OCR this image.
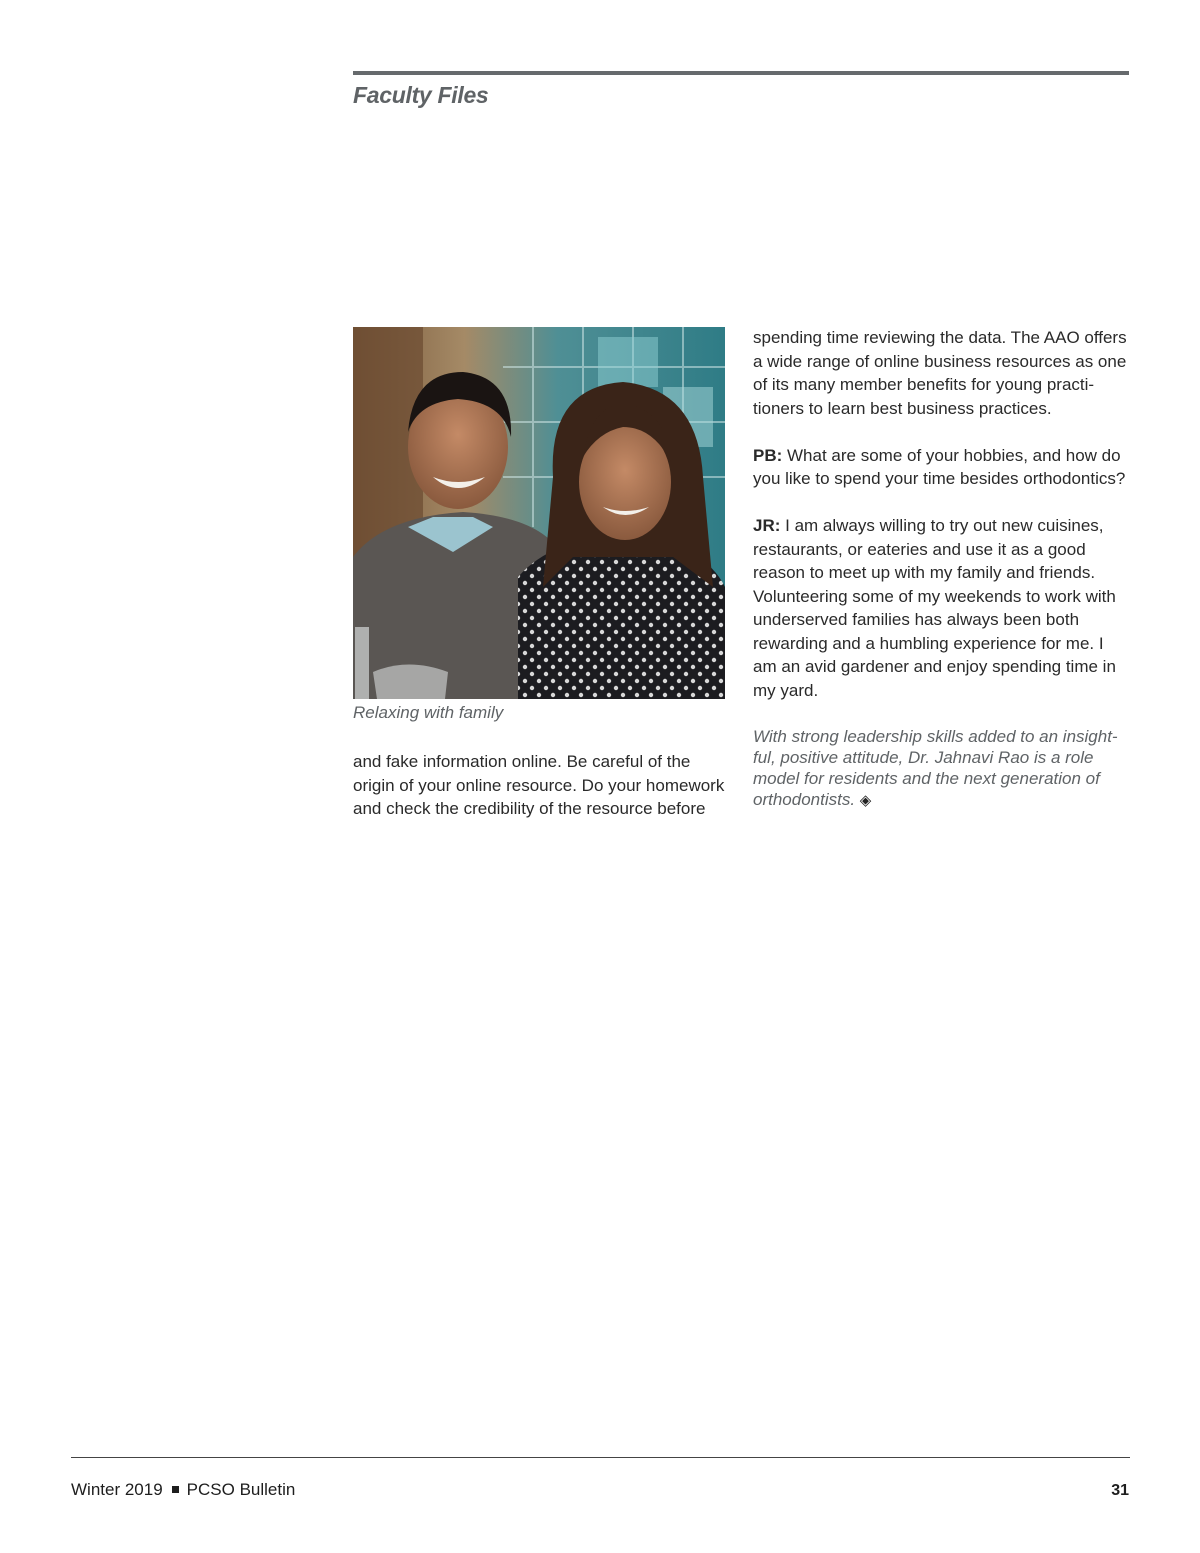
Faculty Files
Relaxing with family

and fake information online. Be careful of the origin of your online resource. Do your homework and check the credibility of the resource before

spending time reviewing the data. The AAO offers a wide range of online business resources as one of its many member benefits for young practi-tioners to learn best business practices.

PB: What are some of your hobbies, and how do you like to spend your time besides orthodontics?

JR: I am always willing to try out new cuisines, restaurants, or eateries and use it as a good reason to meet up with my family and friends. Volunteering some of my weekends to work with underserved families has always been both rewarding and a humbling experience for me. I am an avid gardener and enjoy spending time in my yard.

With strong leadership skills added to an insight-ful, positive attitude, Dr. Jahnavi Rao is a role model for residents and the next generation of orthodontists. ◈

Winter 2019 PCSO Bulletin	31
